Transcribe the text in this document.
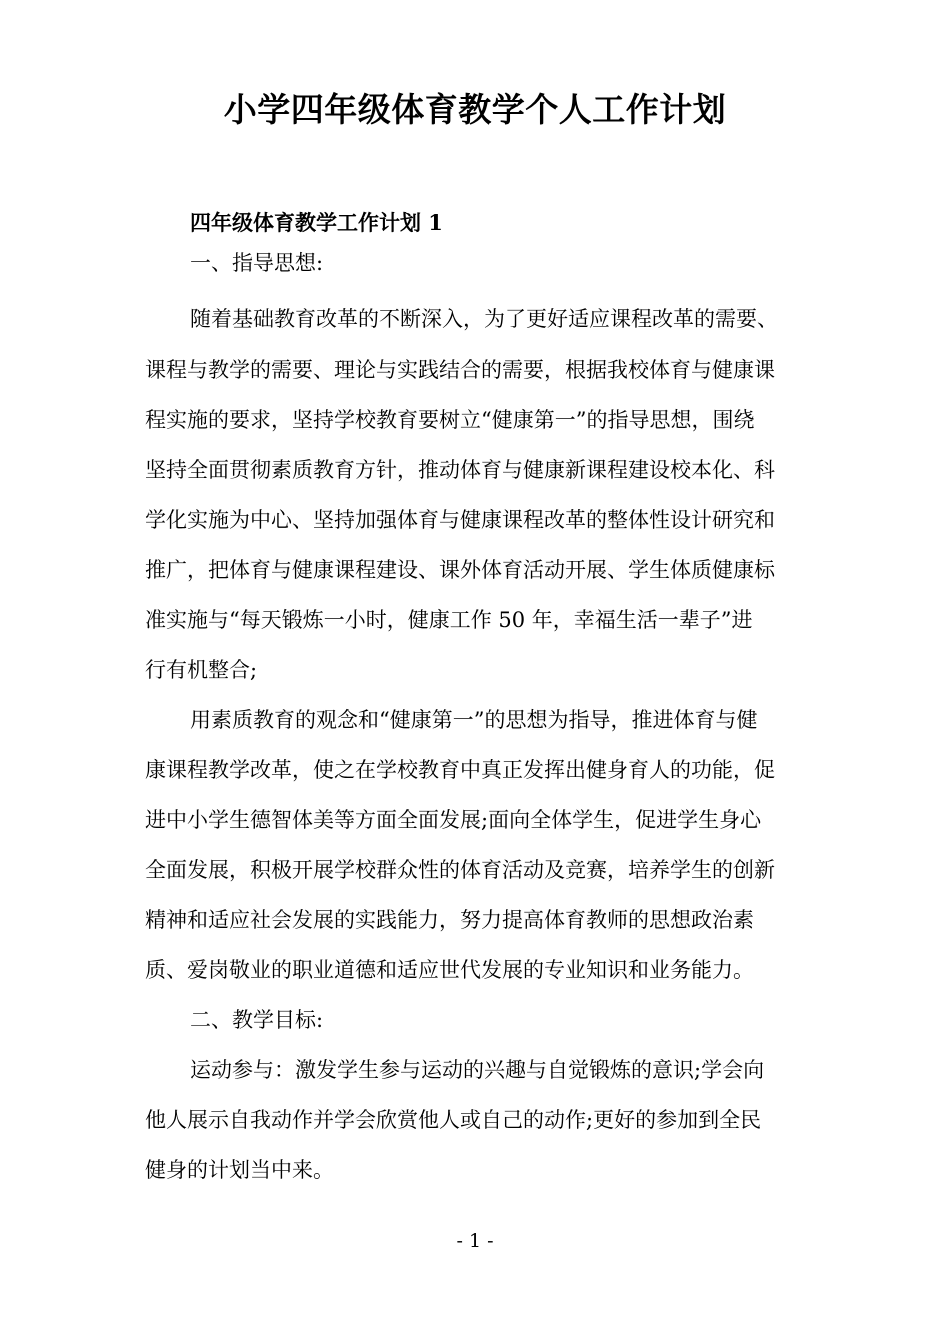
小学四年级体育教学个人工作计划
四年级体育教学工作计划 1
一、指导思想:
随着基础教育改革的不断深入，为了更好适应课程改革的需要、
课程与教学的需要、理论与实践结合的需要，根据我校体育与健康课
程实施的要求，坚持学校教育要树立“健康第一”的指导思想，围绕
坚持全面贯彻素质教育方针，推动体育与健康新课程建设校本化、科
学化实施为中心、坚持加强体育与健康课程改革的整体性设计研究和
推广，把体育与健康课程建设、课外体育活动开展、学生体质健康标
准实施与“每天锻炼一小时，健康工作 50 年，幸福生活一辈子”进
行有机整合;
用素质教育的观念和“健康第一”的思想为指导，推进体育与健
康课程教学改革，使之在学校教育中真正发挥出健身育人的功能，促
进中小学生德智体美等方面全面发展;面向全体学生，促进学生身心
全面发展，积极开展学校群众性的体育活动及竞赛，培养学生的创新
精神和适应社会发展的实践能力，努力提高体育教师的思想政治素
质、爱岗敬业的职业道德和适应世代发展的专业知识和业务能力。
二、教学目标:
运动参与：激发学生参与运动的兴趣与自觉锻炼的意识;学会向
他人展示自我动作并学会欣赏他人或自己的动作;更好的参加到全民
健身的计划当中来。
- 1 -
